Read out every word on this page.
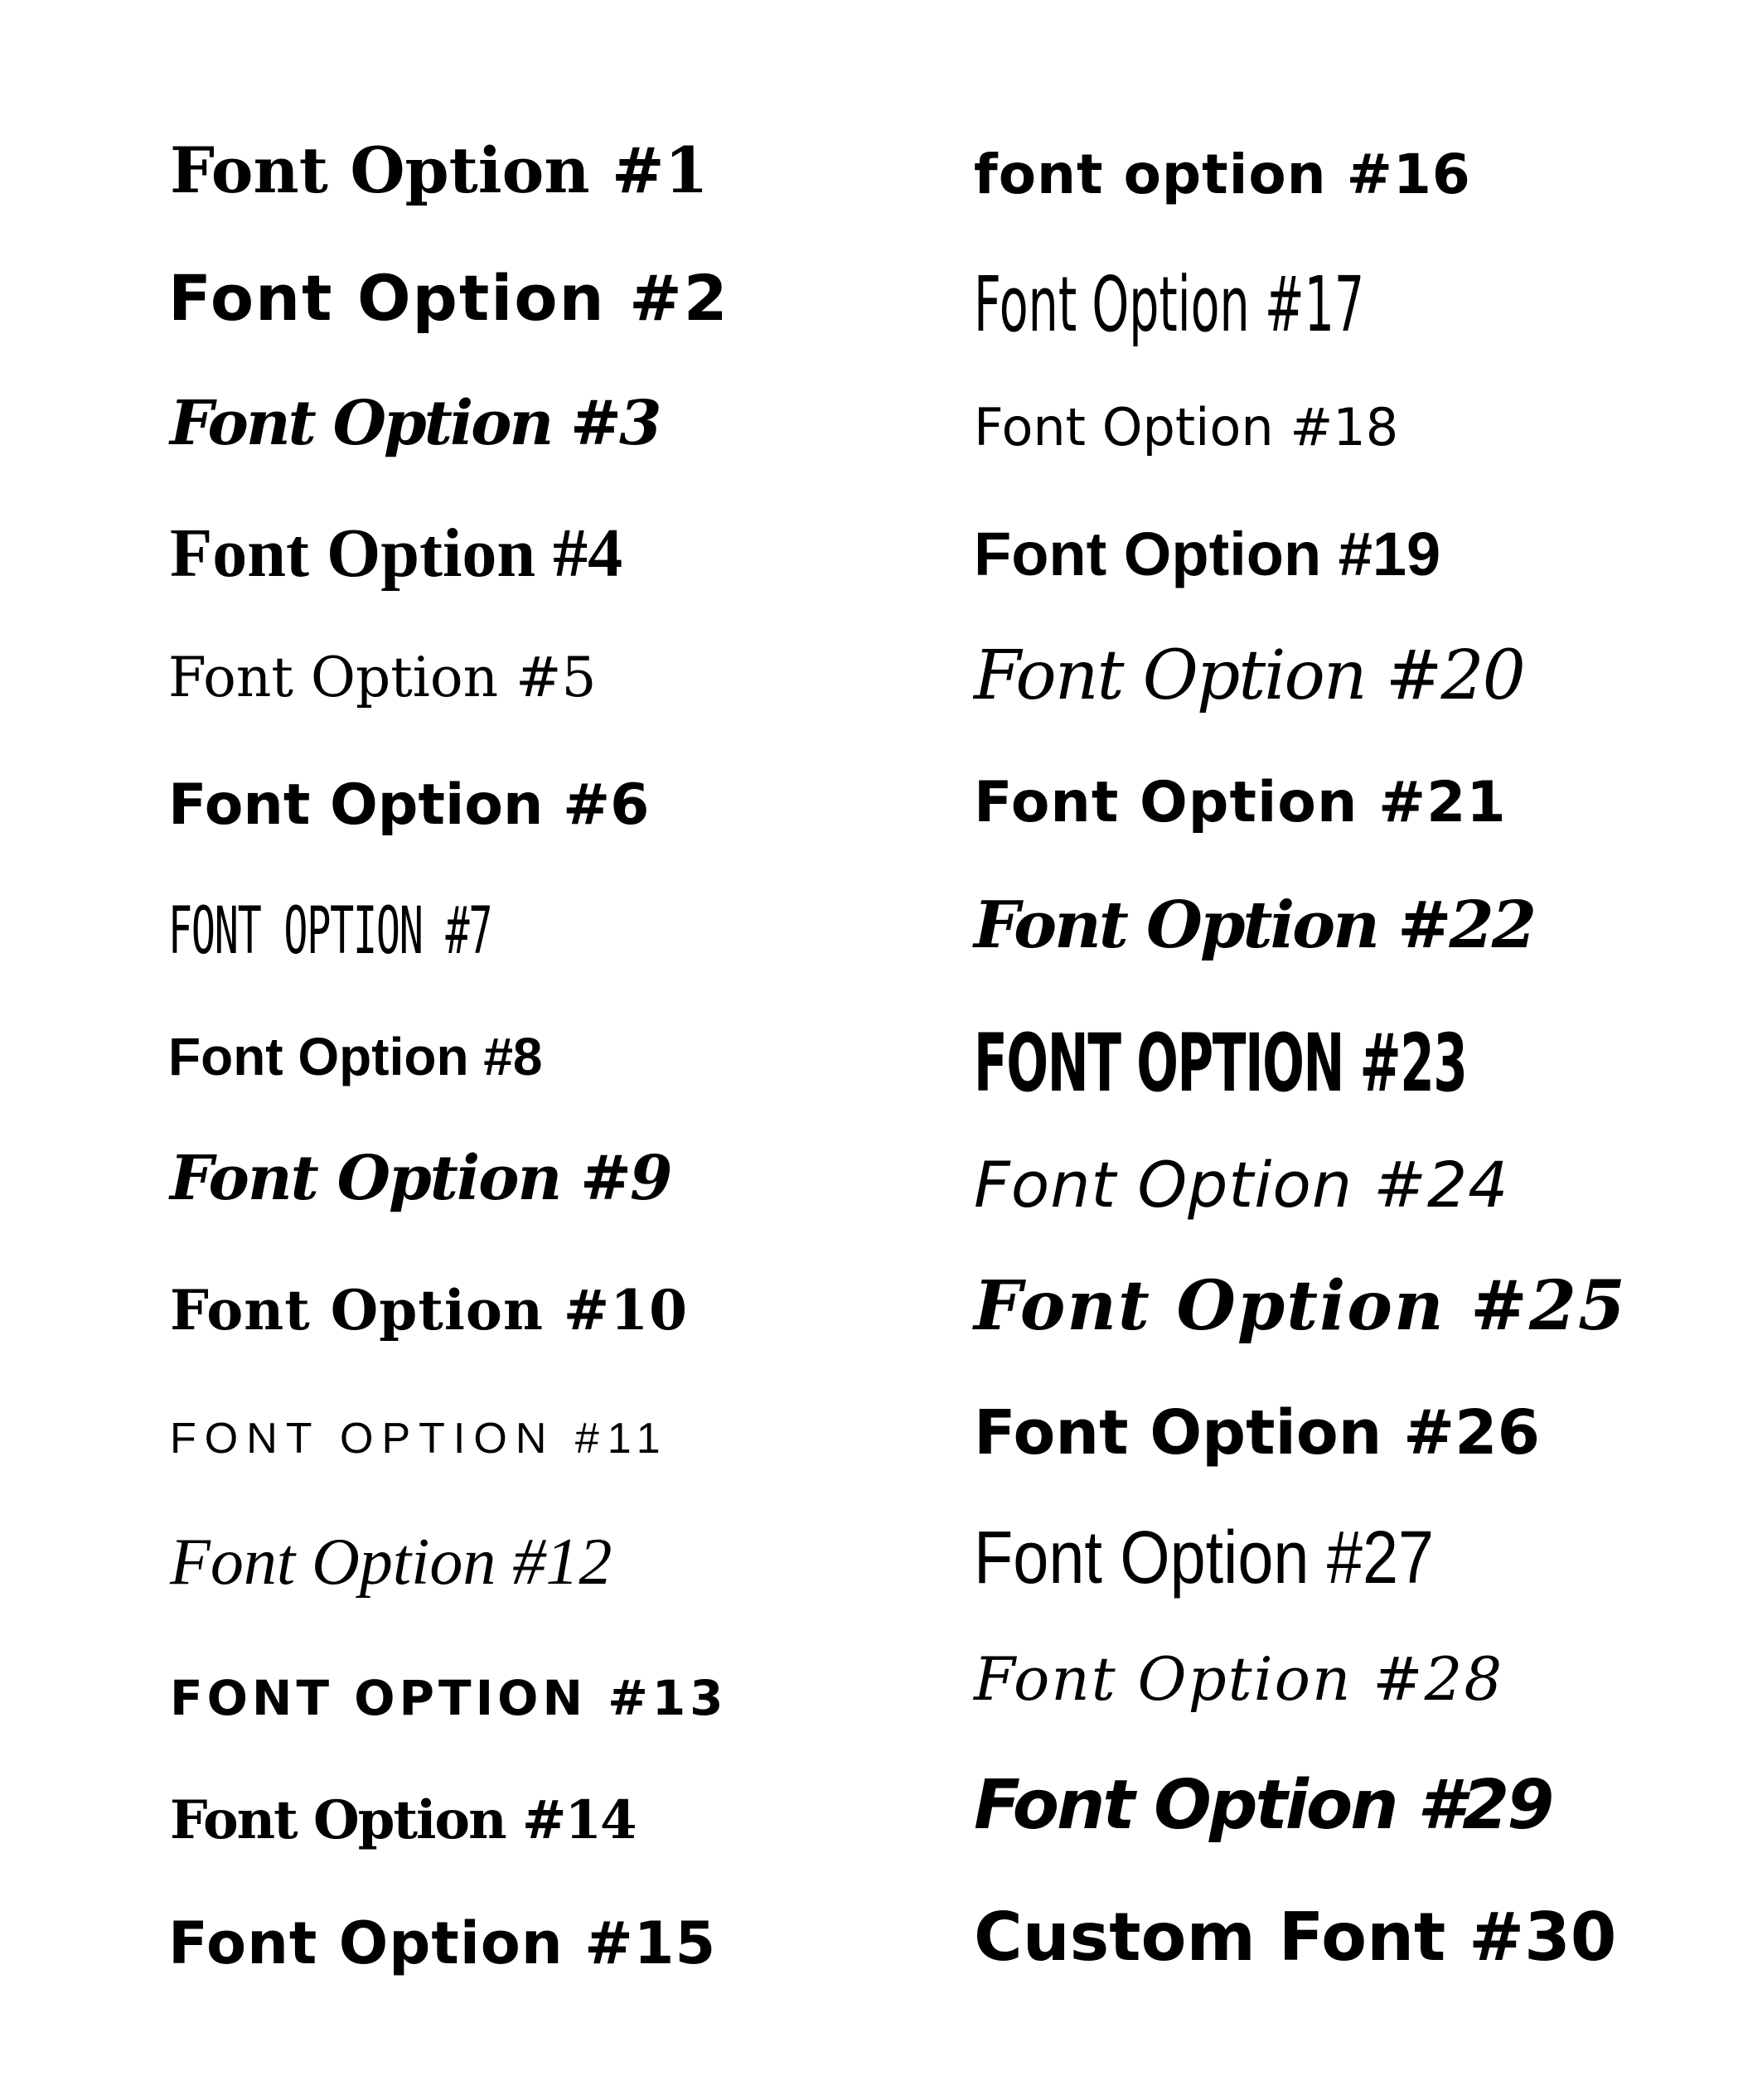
Font Option #1
Font Option #2
Font Option #3
Font Option #4
Font Option #5
Font Option #6
FONT OPTION #7
Font Option #8
Font Option #9
Font Option #10
FONT OPTION #11
Font Option #12
FONT OPTION #13
Font Option #14
Font Option #15
font option #16
Font Option #17
Font Option #18
Font Option #19
Font Option #20
Font Option #21
Font Option #22
FONT OPTION #23
Font Option #24
Font Option #25
Font Option #26
Font Option #27
Font Option #28
Font Option #29
Custom Font #30
